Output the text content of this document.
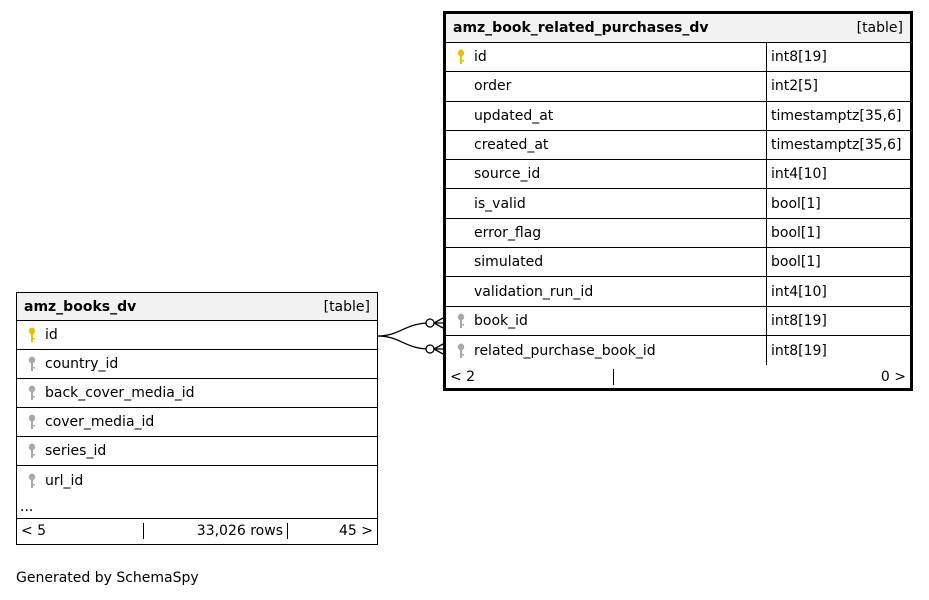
amz_books_dv	[table]
id
country_id
back_cover_media_id
cover_media_id
series_id
url_id
...
< 5	33,026 rows	45 >
amz_book_related_purchases_dv	[table]
id	int8[19]
order	int2[5]
updated_at	timestamptz[35,6]
created_at	timestamptz[35,6]
source_id	int4[10]
is_valid	bool[1]
error_flag	bool[1]
simulated	bool[1]
validation_run_id	int4[10]
book_id	int8[19]
related_purchase_book_id	int8[19]
< 2	0 >
Generated by SchemaSpy
